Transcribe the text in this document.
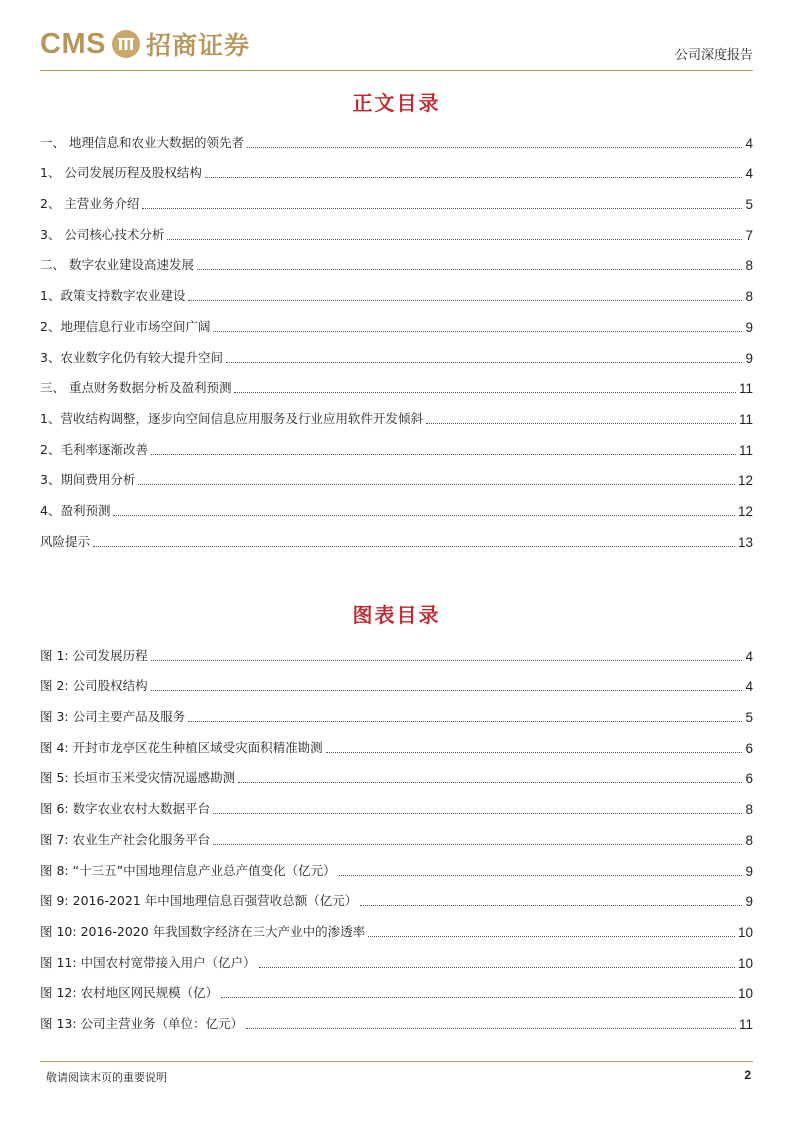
CMS 招商证券	公司深度报告
正文目录
一、 地理信息和农业大数据的领先者	4
1、 公司发展历程及股权结构	4
2、 主营业务介绍	5
3、 公司核心技术分析	7
二、 数字农业建设高速发展	8
1、政策支持数字农业建设	8
2、地理信息行业市场空间广阔	9
3、农业数字化仍有较大提升空间	9
三、 重点财务数据分析及盈利预测	11
1、营收结构调整，逐步向空间信息应用服务及行业应用软件开发倾斜	11
2、毛利率逐渐改善	11
3、期间费用分析	12
4、盈利预测	12
风险提示	13
图表目录
图 1: 公司发展历程	4
图 2: 公司股权结构	4
图 3: 公司主要产品及服务	5
图 4: 开封市龙亭区花生种植区域受灾面积精准勘测	6
图 5: 长垣市玉米受灾情况遥感勘测	6
图 6: 数字农业农村大数据平台	8
图 7: 农业生产社会化服务平台	8
图 8: “十三五”中国地理信息产业总产值变化（亿元）	9
图 9: 2016-2021 年中国地理信息百强营收总额（亿元）	9
图 10: 2016-2020 年我国数字经济在三大产业中的渗透率	10
图 11: 中国农村宽带接入用户（亿户）	10
图 12: 农村地区网民规模（亿）	10
图 13: 公司主营业务（单位：亿元）	11
敬请阅读末页的重要说明	2
